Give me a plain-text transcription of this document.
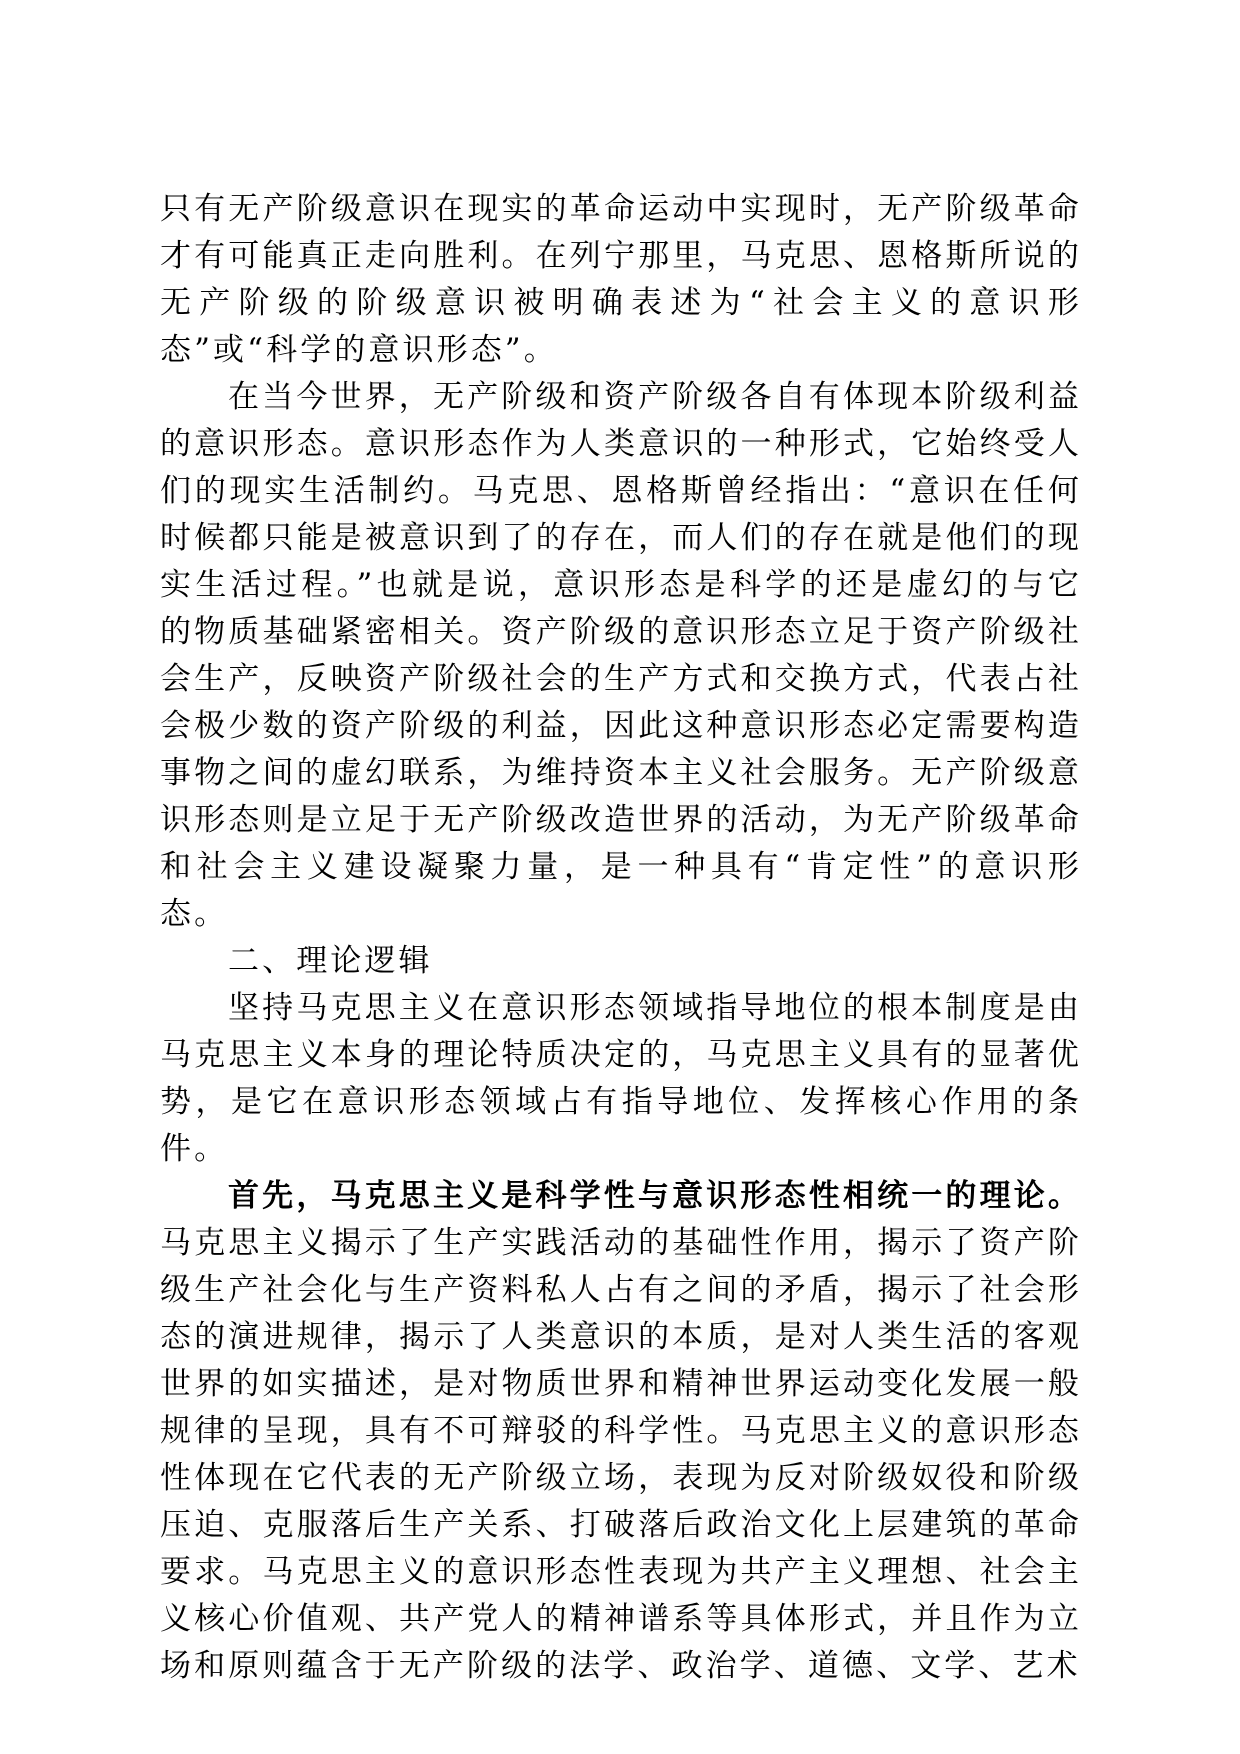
只有无产阶级意识在现实的革命运动中实现时，无产阶级革命才有可能真正走向胜利。在列宁那里，马克思、恩格斯所说的无产阶级的阶级意识被明确表述为“社会主义的意识形态”或“科学的意识形态”。

在当今世界，无产阶级和资产阶级各自有体现本阶级利益的意识形态。意识形态作为人类意识的一种形式，它始终受人们的现实生活制约。马克思、恩格斯曾经指出：“意识在任何时候都只能是被意识到了的存在，而人们的存在就是他们的现实生活过程。”也就是说，意识形态是科学的还是虚幻的与它的物质基础紧密相关。资产阶级的意识形态立足于资产阶级社会生产，反映资产阶级社会的生产方式和交换方式，代表占社会极少数的资产阶级的利益，因此这种意识形态必定需要构造事物之间的虚幻联系，为维持资本主义社会服务。无产阶级意识形态则是立足于无产阶级改造世界的活动，为无产阶级革命和社会主义建设凝聚力量，是一种具有“肯定性”的意识形态。

二、理论逻辑

坚持马克思主义在意识形态领域指导地位的根本制度是由马克思主义本身的理论特质决定的，马克思主义具有的显著优势，是它在意识形态领域占有指导地位、发挥核心作用的条件。

首先，马克思主义是科学性与意识形态性相统一的理论。马克思主义揭示了生产实践活动的基础性作用，揭示了资产阶级生产社会化与生产资料私人占有之间的矛盾，揭示了社会形态的演进规律，揭示了人类意识的本质，是对人类生活的客观世界的如实描述，是对物质世界和精神世界运动变化发展一般规律的呈现，具有不可辩驳的科学性。马克思主义的意识形态性体现在它代表的无产阶级立场，表现为反对阶级奴役和阶级压迫、克服落后生产关系、打破落后政治文化上层建筑的革命要求。马克思主义的意识形态性表现为共产主义理想、社会主义核心价值观、共产党人的精神谱系等具体形式，并且作为立场和原则蕴含于无产阶级的法学、政治学、道德、文学、艺术
